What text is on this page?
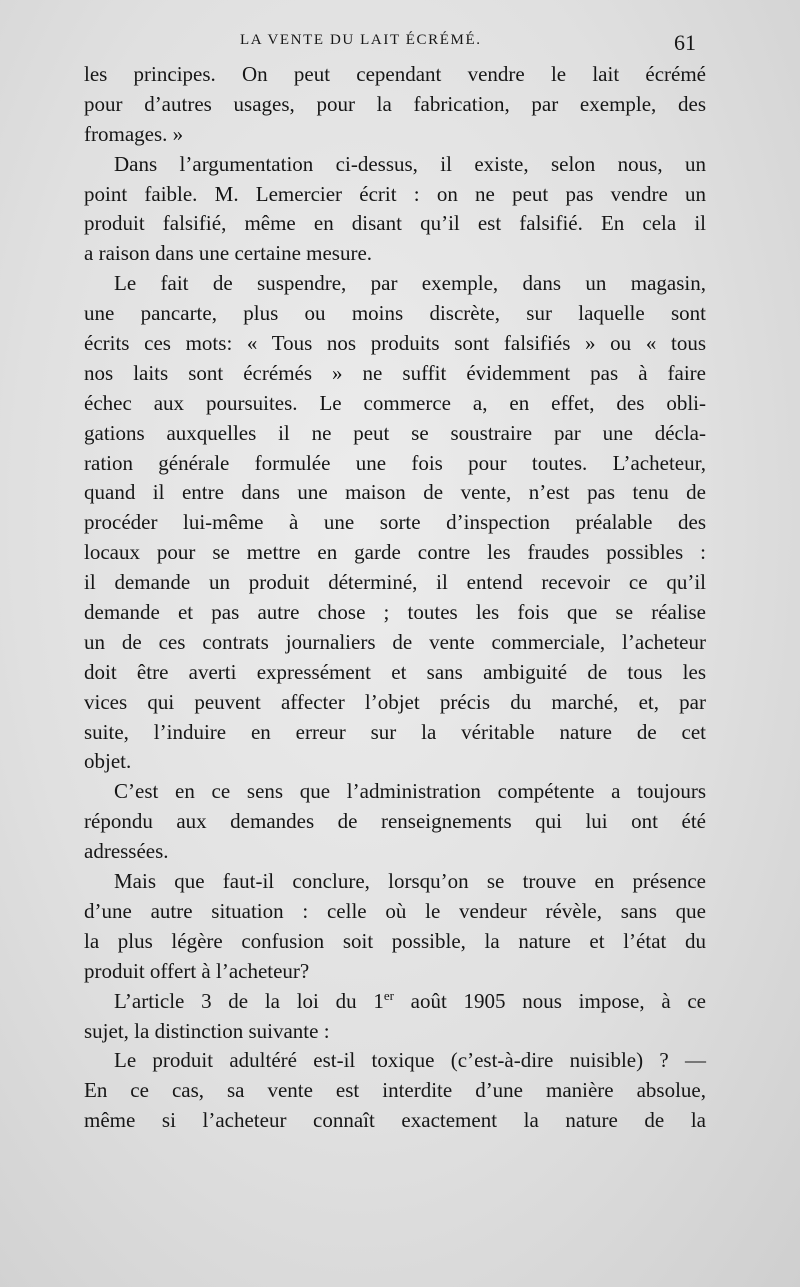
LA VENTE DU LAIT ÉCRÉMÉ.	61
les principes. On peut cependant vendre le lait écrémé
pour d’autres usages, pour la fabrication, par exemple, des
fromages. »
Dans l’argumentation ci-dessus, il existe, selon nous, un
point faible. M. Lemercier écrit : on ne peut pas vendre un
produit falsifié, même en disant qu’il est falsifié. En cela il
a raison dans une certaine mesure.
Le fait de suspendre, par exemple, dans un magasin,
une pancarte, plus ou moins discrète, sur laquelle sont
écrits ces mots: « Tous nos produits sont falsifiés » ou « tous
nos laits sont écrémés » ne suffit évidemment pas à faire
échec aux poursuites. Le commerce a, en effet, des obli-
gations auxquelles il ne peut se soustraire par une décla-
ration générale formulée une fois pour toutes. L’acheteur,
quand il entre dans une maison de vente, n’est pas tenu de
procéder lui-même à une sorte d’inspection préalable des
locaux pour se mettre en garde contre les fraudes possibles :
il demande un produit déterminé, il entend recevoir ce qu’il
demande et pas autre chose ; toutes les fois que se réalise
un de ces contrats journaliers de vente commerciale, l’acheteur
doit être averti expressément et sans ambiguité de tous les
vices qui peuvent affecter l’objet précis du marché, et, par
suite, l’induire en erreur sur la véritable nature de cet
objet.
C’est en ce sens que l’administration compétente a toujours
répondu aux demandes de renseignements qui lui ont été
adressées.
Mais que faut-il conclure, lorsqu’on se trouve en présence
d’une autre situation : celle où le vendeur révèle, sans que
la plus légère confusion soit possible, la nature et l’état du
produit offert à l’acheteur?
L’article 3 de la loi du 1er août 1905 nous impose, à ce
sujet, la distinction suivante :
Le produit adultéré est-il toxique (c’est-à-dire nuisible) ? —
En ce cas, sa vente est interdite d’une manière absolue,
même si l’acheteur connaît exactement la nature de la
